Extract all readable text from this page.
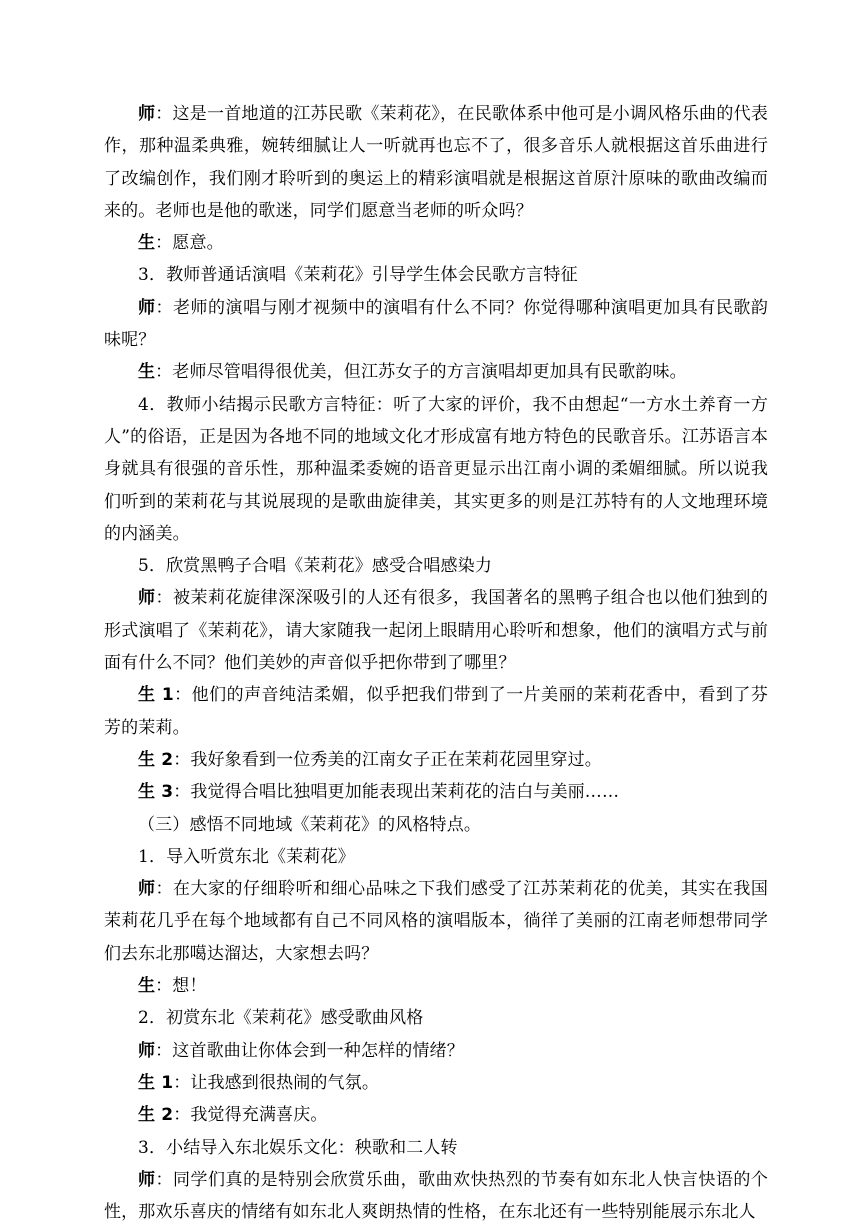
师：这是一首地道的江苏民歌《茉莉花》，在民歌体系中他可是小调风格乐曲的代表作，那种温柔典雅，婉转细腻让人一听就再也忘不了，很多音乐人就根据这首乐曲进行了改编创作，我们刚才聆听到的奥运上的精彩演唱就是根据这首原汁原味的歌曲改编而来的。老师也是他的歌迷，同学们愿意当老师的听众吗？

生：愿意。

3．教师普通话演唱《茉莉花》引导学生体会民歌方言特征

师：老师的演唱与刚才视频中的演唱有什么不同？你觉得哪种演唱更加具有民歌韵味呢？

生：老师尽管唱得很优美，但江苏女子的方言演唱却更加具有民歌韵味。

4．教师小结揭示民歌方言特征：听了大家的评价，我不由想起“一方水土养育一方人”的俗语，正是因为各地不同的地域文化才形成富有地方特色的民歌音乐。江苏语言本身就具有很强的音乐性，那种温柔委婉的语音更显示出江南小调的柔媚细腻。所以说我们听到的茉莉花与其说展现的是歌曲旋律美，其实更多的则是江苏特有的人文地理环境的内涵美。

5．欣赏黑鸭子合唱《茉莉花》感受合唱感染力

师：被茉莉花旋律深深吸引的人还有很多，我国著名的黑鸭子组合也以他们独到的形式演唱了《茉莉花》，请大家随我一起闭上眼睛用心聆听和想象，他们的演唱方式与前面有什么不同？他们美妙的声音似乎把你带到了哪里？

生 1：他们的声音纯洁柔媚，似乎把我们带到了一片美丽的茉莉花香中，看到了芬芳的茉莉。

生 2：我好象看到一位秀美的江南女子正在茉莉花园里穿过。

生 3：我觉得合唱比独唱更加能表现出茉莉花的洁白与美丽……

（三）感悟不同地域《茉莉花》的风格特点。

1．导入听赏东北《茉莉花》

师：在大家的仔细聆听和细心品味之下我们感受了江苏茉莉花的优美，其实在我国茉莉花几乎在每个地域都有自己不同风格的演唱版本，徜徉了美丽的江南老师想带同学们去东北那噶达溜达，大家想去吗？

生：想！

2．初赏东北《茉莉花》感受歌曲风格

师：这首歌曲让你体会到一种怎样的情绪？

生 1：让我感到很热闹的气氛。

生 2：我觉得充满喜庆。

3．小结导入东北娱乐文化：秧歌和二人转

师：同学们真的是特别会欣赏乐曲，歌曲欢快热烈的节奏有如东北人快言快语的个性，那欢乐喜庆的情绪有如东北人爽朗热情的性格，在东北还有一些特别能展示东北人
